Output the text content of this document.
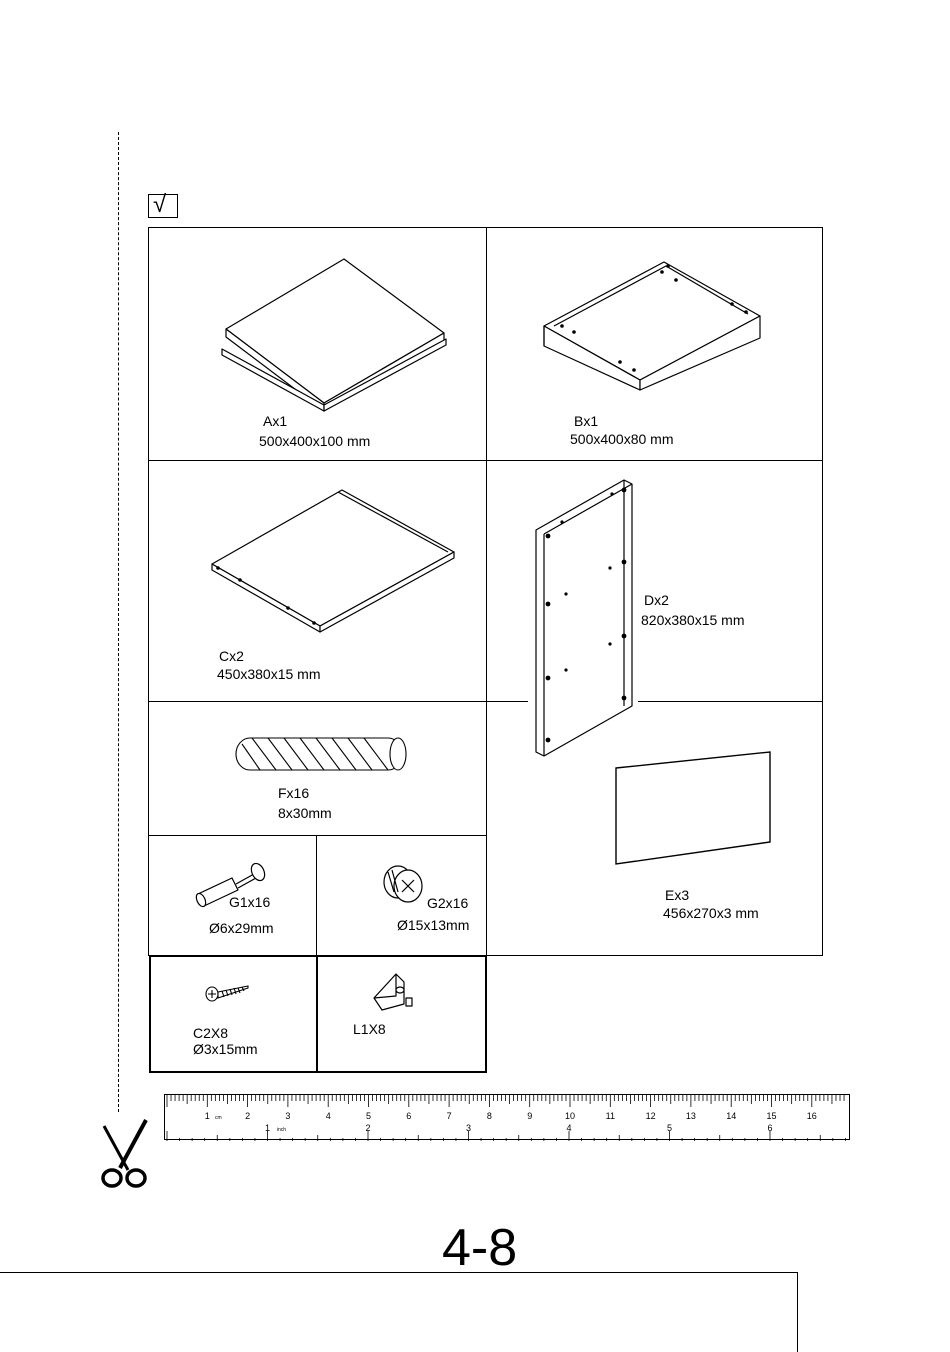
√
Ax1
500x400x100 mm
Bx1
500x400x80 mm
Cx2
450x380x15 mm
Dx2
820x380x15 mm
Fx16
8x30mm
G1x16
Ø6x29mm
G2x16
Ø15x13mm
Ex3
456x270x3 mm
C2X8
Ø3x15mm
L1X8
1	2	3	4	5	6	7	8	9	10	11	12	13	14	15	16
cm
1	2	3	4	5	6
inch
4-8
